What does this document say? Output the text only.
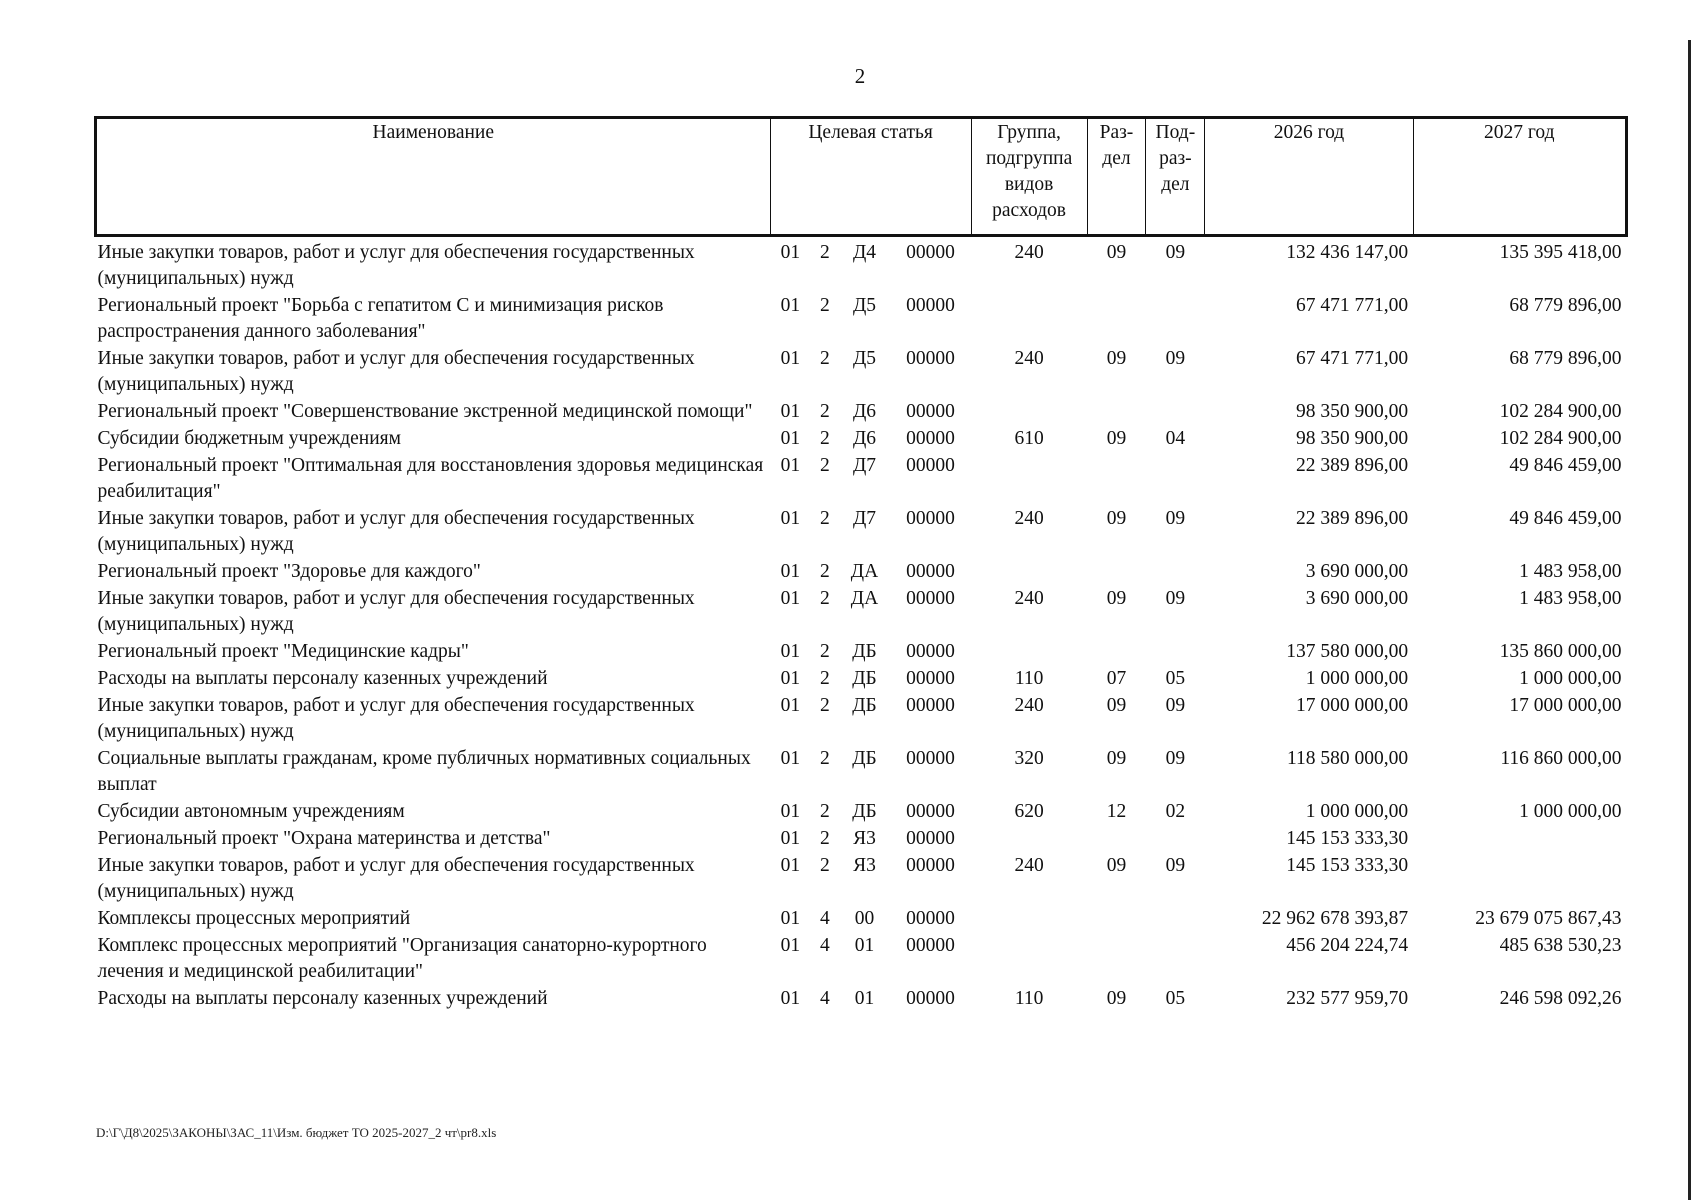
2
Наименование	Целевая статья				Группа, подгруппа видов расходов	Раз- дел	Под- раз- дел	2026 год	2027 год
Иные закупки товаров, работ и услуг для обеспечения государственных (муниципальных) нужд	01	2	Д4	00000	240	09	09	132 436 147,00	135 395 418,00
Региональный проект "Борьба с гепатитом С и минимизация рисков распространения данного заболевания"	01	2	Д5	00000				67 471 771,00	68 779 896,00
Иные закупки товаров, работ и услуг для обеспечения государственных (муниципальных) нужд	01	2	Д5	00000	240	09	09	67 471 771,00	68 779 896,00
Региональный проект "Совершенствование экстренной медицинской помощи"	01	2	Д6	00000				98 350 900,00	102 284 900,00
Субсидии бюджетным учреждениям	01	2	Д6	00000	610	09	04	98 350 900,00	102 284 900,00
Региональный проект "Оптимальная для восстановления здоровья медицинская реабилитация"	01	2	Д7	00000				22 389 896,00	49 846 459,00
Иные закупки товаров, работ и услуг для обеспечения государственных (муниципальных) нужд	01	2	Д7	00000	240	09	09	22 389 896,00	49 846 459,00
Региональный проект "Здоровье для каждого"	01	2	ДА	00000				3 690 000,00	1 483 958,00
Иные закупки товаров, работ и услуг для обеспечения государственных (муниципальных) нужд	01	2	ДА	00000	240	09	09	3 690 000,00	1 483 958,00
Региональный проект "Медицинские кадры"	01	2	ДБ	00000				137 580 000,00	135 860 000,00
Расходы на выплаты персоналу казенных учреждений	01	2	ДБ	00000	110	07	05	1 000 000,00	1 000 000,00
Иные закупки товаров, работ и услуг для обеспечения государственных (муниципальных) нужд	01	2	ДБ	00000	240	09	09	17 000 000,00	17 000 000,00
Социальные выплаты гражданам, кроме публичных нормативных социальных выплат	01	2	ДБ	00000	320	09	09	118 580 000,00	116 860 000,00
Субсидии автономным учреждениям	01	2	ДБ	00000	620	12	02	1 000 000,00	1 000 000,00
Региональный проект "Охрана материнства и детства"	01	2	Я3	00000				145 153 333,30	
Иные закупки товаров, работ и услуг для обеспечения государственных (муниципальных) нужд	01	2	Я3	00000	240	09	09	145 153 333,30	
Комплексы процессных мероприятий	01	4	00	00000				22 962 678 393,87	23 679 075 867,43
Комплекс процессных мероприятий "Организация санаторно-курортного лечения и медицинской реабилитации"	01	4	01	00000				456 204 224,74	485 638 530,23
Расходы на выплаты персоналу казенных учреждений	01	4	01	00000	110	09	05	232 577 959,70	246 598 092,26
D:\Г\Д8\2025\ЗАКОНЫ\ЗАС_11\Изм. бюджет ТО 2025-2027_2 чт\pr8.xls
